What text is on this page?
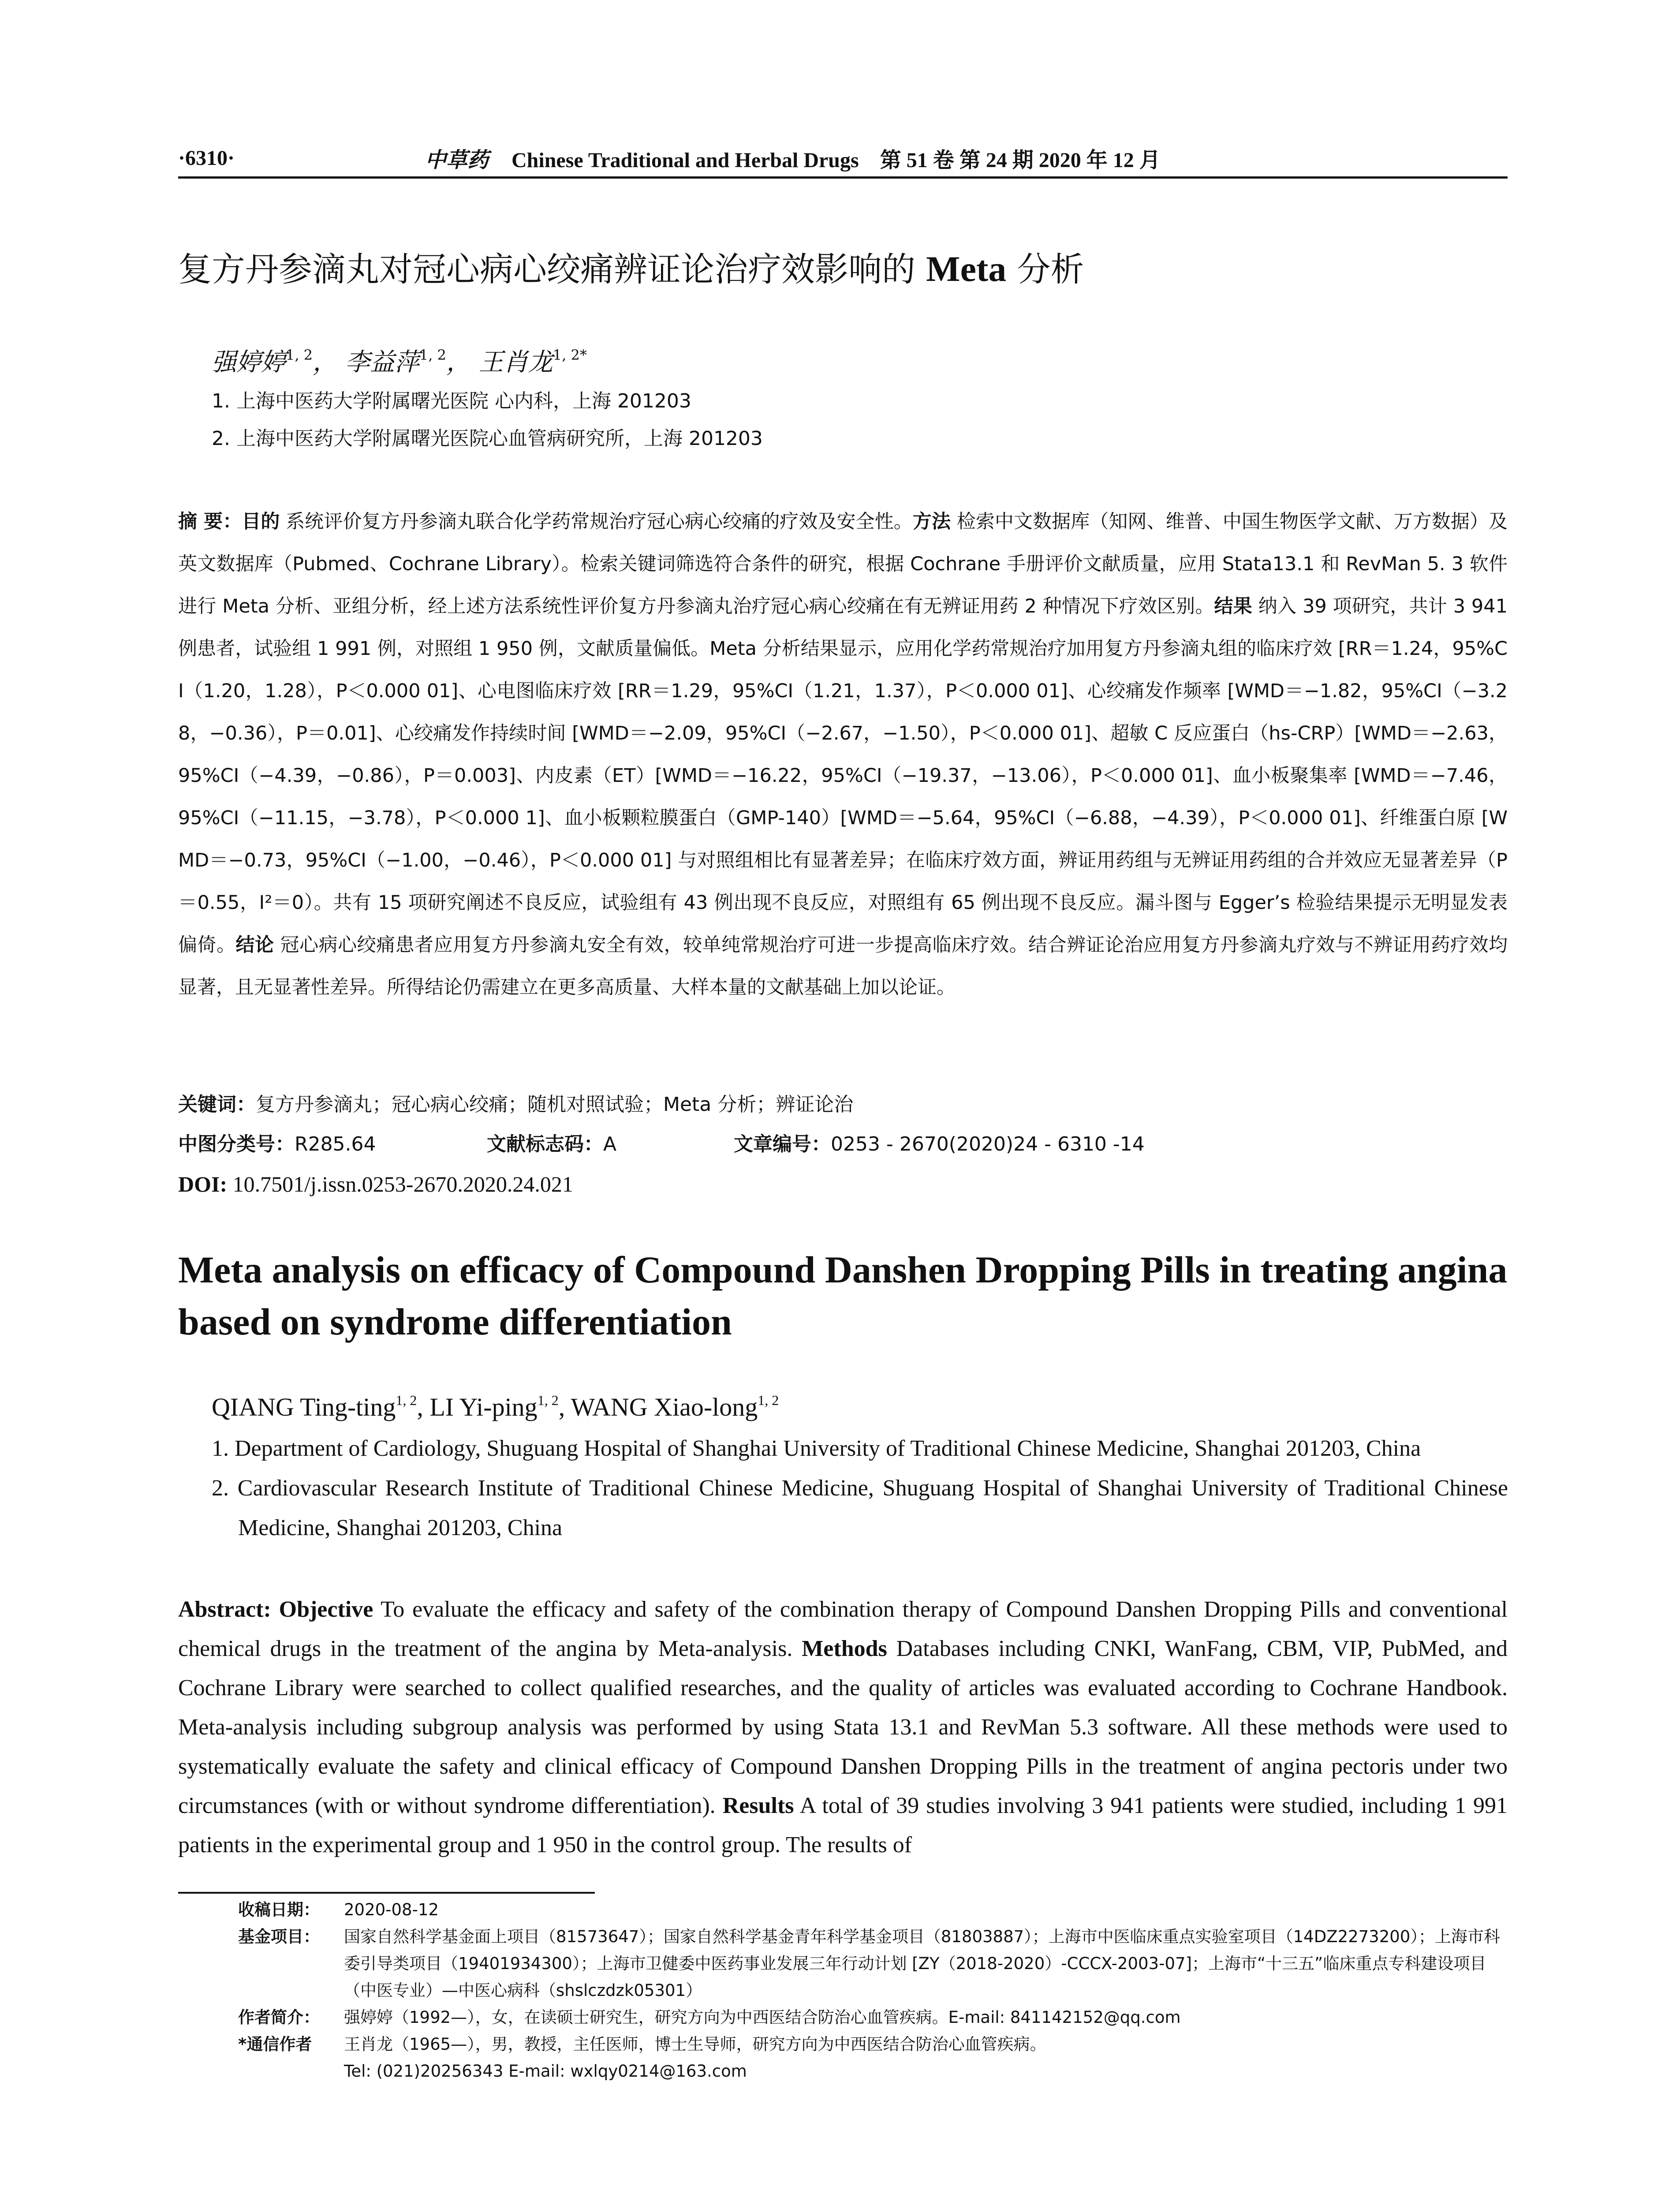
·6310·	中草药 Chinese Traditional and Herbal Drugs 第 51 卷 第 24 期 2020 年 12 月
复方丹参滴丸对冠心病心绞痛辨证论治疗效影响的 Meta 分析
强婷婷$^{1, 2}$， 李益萍$^{1, 2}$， 王肖龙$^{1, 2*}$
1. 上海中医药大学附属曙光医院 心内科，上海 201203
2. 上海中医药大学附属曙光医院心血管病研究所，上海 201203
摘 要：目的 系统评价复方丹参滴丸联合化学药常规治疗冠心病心绞痛的疗效及安全性。方法 检索中文数据库（知网、维普、中国生物医学文献、万方数据）及英文数据库（Pubmed、Cochrane Library）。检索关键词筛选符合条件的研究，根据 Cochrane 手册评价文献质量，应用 Stata13.1 和 RevMan 5. 3 软件进行 Meta 分析、亚组分析，经上述方法系统性评价复方丹参滴丸治疗冠心病心绞痛在有无辨证用药 2 种情况下疗效区别。结果 纳入 39 项研究，共计 3 941 例患者，试验组 1 991 例，对照组 1 950 例，文献质量偏低。Meta 分析结果显示，应用化学药常规治疗加用复方丹参滴丸组的临床疗效 [RR＝1.24，95%CI（1.20，1.28），P＜0.000 01]、心电图临床疗效 [RR＝1.29，95%CI（1.21，1.37），P＜0.000 01]、心绞痛发作频率 [WMD＝−1.82，95%CI（−3.28，−0.36），P＝0.01]、心绞痛发作持续时间 [WMD＝−2.09，95%CI（−2.67，−1.50），P＜0.000 01]、超敏 C 反应蛋白（hs-CRP）[WMD＝−2.63，95%CI（−4.39，−0.86），P＝0.003]、内皮素（ET）[WMD＝−16.22，95%CI（−19.37，−13.06），P＜0.000 01]、血小板聚集率 [WMD＝−7.46，95%CI（−11.15，−3.78），P＜0.000 1]、血小板颗粒膜蛋白（GMP-140）[WMD＝−5.64，95%CI（−6.88，−4.39），P＜0.000 01]、纤维蛋白原 [WMD＝−0.73，95%CI（−1.00，−0.46），P＜0.000 01] 与对照组相比有显著差异；在临床疗效方面，辨证用药组与无辨证用药组的合并效应无显著差异（P＝0.55，I²＝0）。共有 15 项研究阐述不良反应，试验组有 43 例出现不良反应，对照组有 65 例出现不良反应。漏斗图与 Egger’s 检验结果提示无明显发表偏倚。结论 冠心病心绞痛患者应用复方丹参滴丸安全有效，较单纯常规治疗可进一步提高临床疗效。结合辨证论治应用复方丹参滴丸疗效与不辨证用药疗效均显著，且无显著性差异。所得结论仍需建立在更多高质量、大样本量的文献基础上加以论证。
关键词：复方丹参滴丸；冠心病心绞痛；随机对照试验；Meta 分析；辨证论治
中图分类号：R285.64	文献标志码：A	文章编号：0253 - 2670(2020)24 - 6310 -14
DOI: 10.7501/j.issn.0253-2670.2020.24.021
Meta analysis on efficacy of Compound Danshen Dropping Pills in treating angina based on syndrome differentiation
QIANG Ting-ting$^{1, 2}$, LI Yi-ping$^{1, 2}$, WANG Xiao-long$^{1, 2}$
1. Department of Cardiology, Shuguang Hospital of Shanghai University of Traditional Chinese Medicine, Shanghai 201203, China
2. Cardiovascular Research Institute of Traditional Chinese Medicine, Shuguang Hospital of Shanghai University of Traditional Chinese Medicine, Shanghai 201203, China
Abstract: Objective To evaluate the efficacy and safety of the combination therapy of Compound Danshen Dropping Pills and conventional chemical drugs in the treatment of the angina by Meta-analysis. Methods Databases including CNKI, WanFang, CBM, VIP, PubMed, and Cochrane Library were searched to collect qualified researches, and the quality of articles was evaluated according to Cochrane Handbook. Meta-analysis including subgroup analysis was performed by using Stata 13.1 and RevMan 5.3 software. All these methods were used to systematically evaluate the safety and clinical efficacy of Compound Danshen Dropping Pills in the treatment of angina pectoris under two circumstances (with or without syndrome differentiation). Results A total of 39 studies involving 3 941 patients were studied, including 1 991 patients in the experimental group and 1 950 in the control group. The results of
收稿日期： 2020-08-12
基金项目： 国家自然科学基金面上项目（81573647）；国家自然科学基金青年科学基金项目（81803887）；上海市中医临床重点实验室项目（14DZ2273200）；上海市科委引导类项目（19401934300）；上海市卫健委中医药事业发展三年行动计划 [ZY（2018-2020）-CCCX-2003-07]；上海市“十三五”临床重点专科建设项目（中医专业）—中医心病科（shslczdzk05301）
作者简介： 强婷婷（1992—），女，在读硕士研究生，研究方向为中西医结合防治心血管疾病。E-mail: 841142152@qq.com
*通信作者 王肖龙（1965—），男，教授，主任医师，博士生导师，研究方向为中西医结合防治心血管疾病。
Tel: (021)20256343 E-mail: wxlqy0214@163.com
